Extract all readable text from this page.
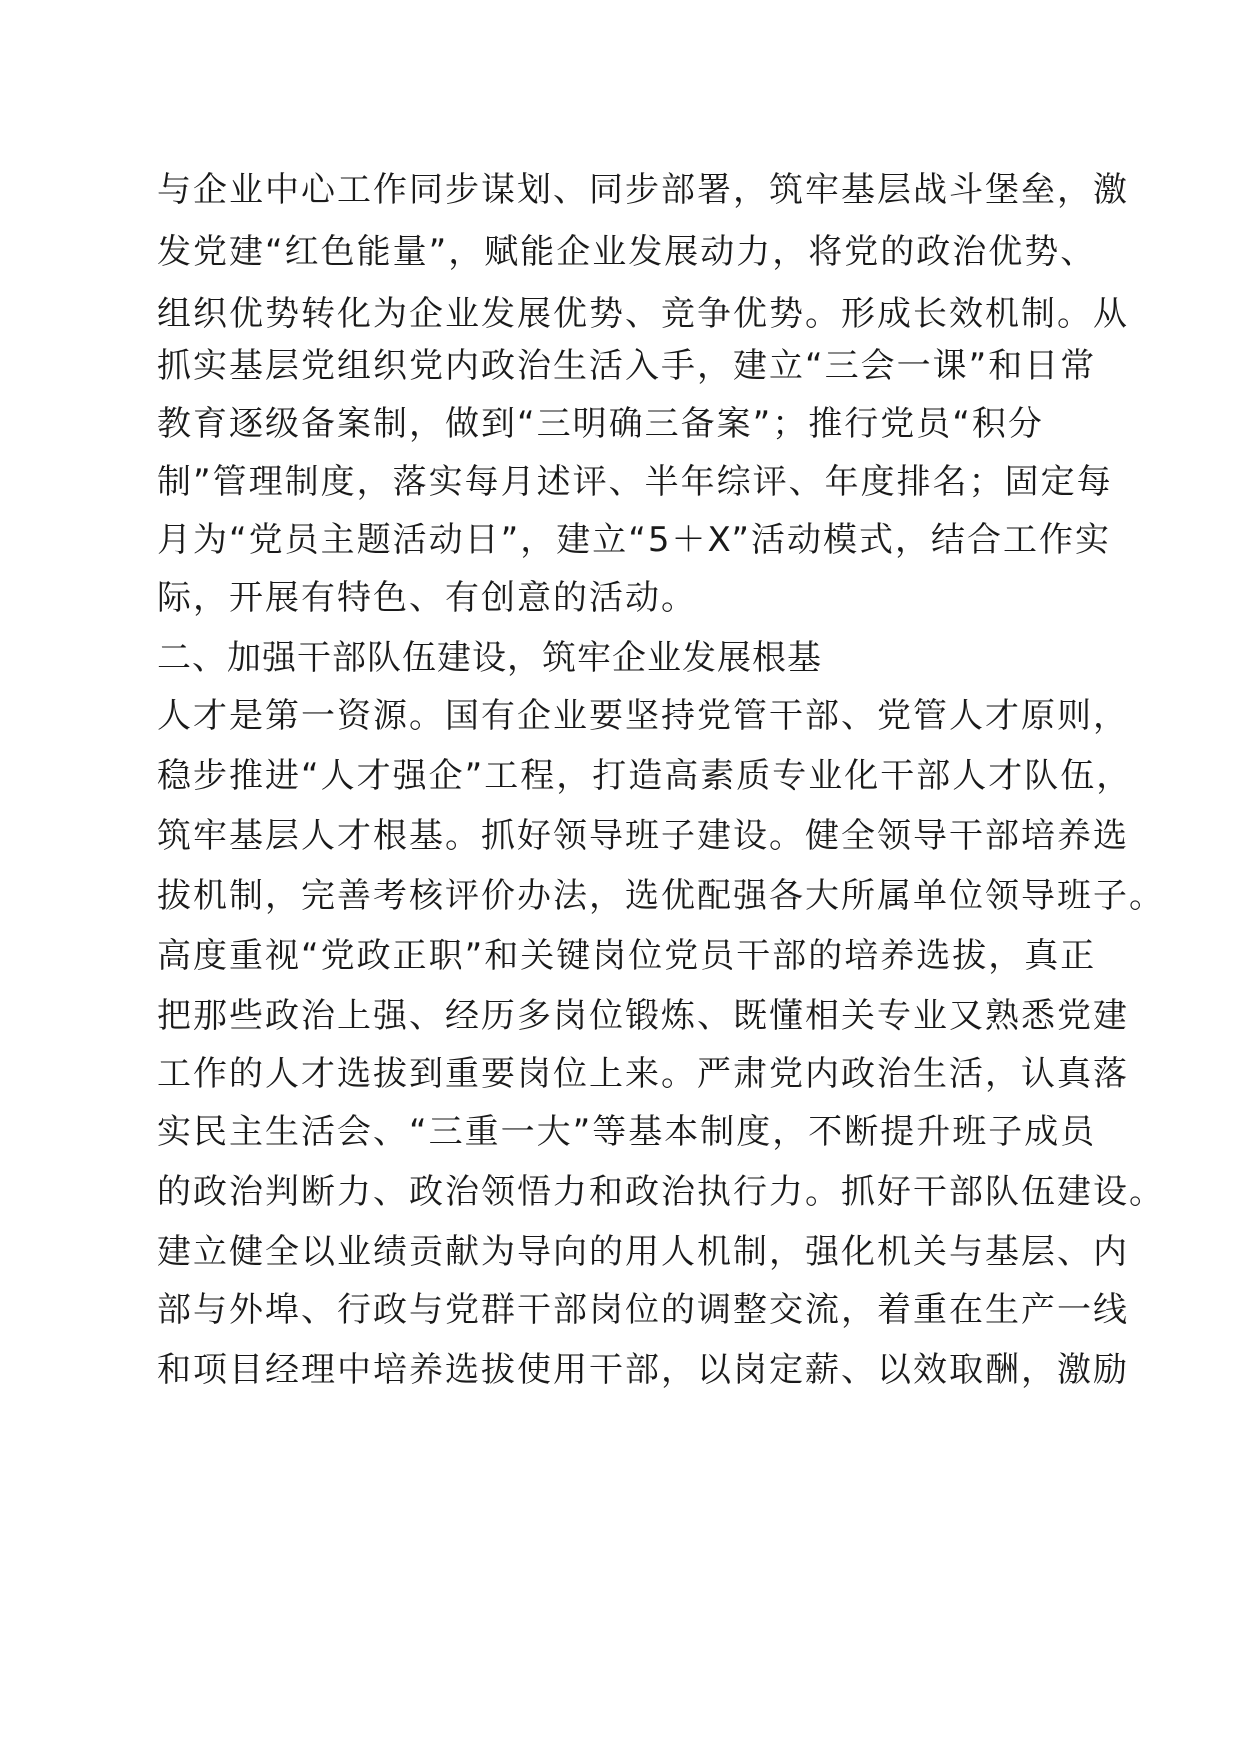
与企业中心工作同步谋划、同步部署，筑牢基层战斗堡垒，激
发党建“红色能量”，赋能企业发展动力，将党的政治优势、
组织优势转化为企业发展优势、竞争优势。形成长效机制。从
抓实基层党组织党内政治生活入手，建立“三会一课”和日常
教育逐级备案制，做到“三明确三备案”；推行党员“积分
制”管理制度，落实每月述评、半年综评、年度排名；固定每
月为“党员主题活动日”，建立“5＋X”活动模式，结合工作实
际，开展有特色、有创意的活动。
二、加强干部队伍建设，筑牢企业发展根基
人才是第一资源。国有企业要坚持党管干部、党管人才原则，
稳步推进“人才强企”工程，打造高素质专业化干部人才队伍，
筑牢基层人才根基。抓好领导班子建设。健全领导干部培养选
拔机制，完善考核评价办法，选优配强各大所属单位领导班子。
高度重视“党政正职”和关键岗位党员干部的培养选拔，真正
把那些政治上强、经历多岗位锻炼、既懂相关专业又熟悉党建
工作的人才选拔到重要岗位上来。严肃党内政治生活，认真落
实民主生活会、“三重一大”等基本制度，不断提升班子成员
的政治判断力、政治领悟力和政治执行力。抓好干部队伍建设。
建立健全以业绩贡献为导向的用人机制，强化机关与基层、内
部与外埠、行政与党群干部岗位的调整交流，着重在生产一线
和项目经理中培养选拔使用干部，以岗定薪、以效取酬，激励
